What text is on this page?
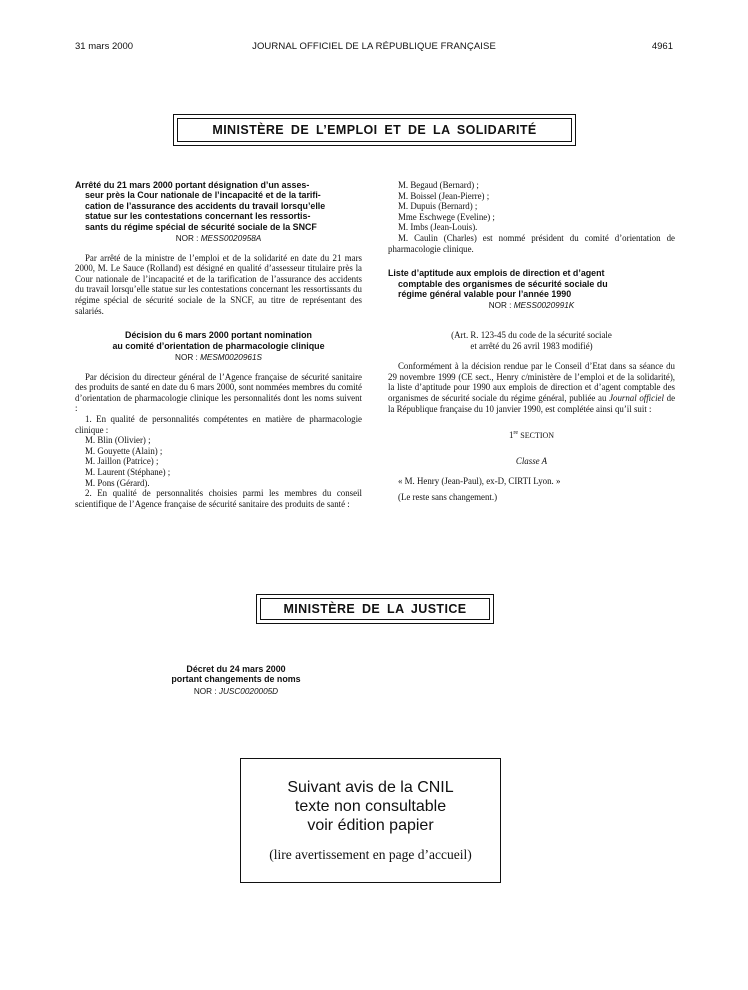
31 mars 2000	JOURNAL OFFICIEL DE LA RÉPUBLIQUE FRANÇAISE	4961
MINISTÈRE DE L’EMPLOI ET DE LA SOLIDARITÉ
Arrêté du 21 mars 2000 portant désignation d’un asses-
seur près la Cour nationale de l’incapacité et de la tarifi-
cation de l’assurance des accidents du travail lorsqu’elle
statue sur les contestations concernant les ressortis-
sants du régime spécial de sécurité sociale de la SNCF
NOR : MESS0020958A

Par arrêté de la ministre de l’emploi et de la solidarité en date du 21 mars 2000, M. Le Sauce (Rolland) est désigné en qualité d’assesseur titulaire près la Cour nationale de l’incapacité et de la tarification de l’assurance des accidents du travail lorsqu’elle statue sur les contestations concernant les ressortissants du régime spécial de sécurité sociale de la SNCF, au titre de représentant des salariés.

Décision du 6 mars 2000 portant nomination
au comité d’orientation de pharmacologie clinique
NOR : MESM0020961S

Par décision du directeur général de l’Agence française de sécurité sanitaire des produits de santé en date du 6 mars 2000, sont nommées membres du comité d’orientation de pharmacologie clinique les personnalités dont les noms suivent :

1. En qualité de personnalités compétentes en matière de pharmacologie clinique :

M. Blin (Olivier) ;

M. Gouyette (Alain) ;

M. Jaillon (Patrice) ;

M. Laurent (Stéphane) ;

M. Pons (Gérard).

2. En qualité de personnalités choisies parmi les membres du conseil scientifique de l’Agence française de sécurité sanitaire des produits de santé :

M. Begaud (Bernard) ;

M. Boissel (Jean-Pierre) ;

M. Dupuis (Bernard) ;

Mme Eschwege (Eveline) ;

M. Imbs (Jean-Louis).

M. Caulin (Charles) est nommé président du comité d’orientation de pharmacologie clinique.

Liste d’aptitude aux emplois de direction et d’agent
comptable des organismes de sécurité sociale du
régime général valable pour l’année 1990
NOR : MESS0020991K

(Art. R. 123-45 du code de la sécurité sociale

et arrêté du 26 avril 1983 modifié)

Conformément à la décision rendue par le Conseil d’Etat dans sa séance du 29 novembre 1999 (CE sect., Henry c/ministère de l’emploi et de la solidarité), la liste d’aptitude pour 1990 aux emplois de direction et d’agent comptable des organismes de sécurité sociale du régime général, publiée au Journal officiel de la République française du 10 janvier 1990, est complétée ainsi qu’il suit :

1re SECTION

Classe A

« M. Henry (Jean-Paul), ex-D, CIRTI Lyon. »

(Le reste sans changement.)

MINISTÈRE DE LA JUSTICE
Décret du 24 mars 2000
portant changements de noms
NOR : JUSC0020005D
Suivant avis de la CNIL
texte non consultable
voir édition papier
(lire avertissement en page d’accueil)
